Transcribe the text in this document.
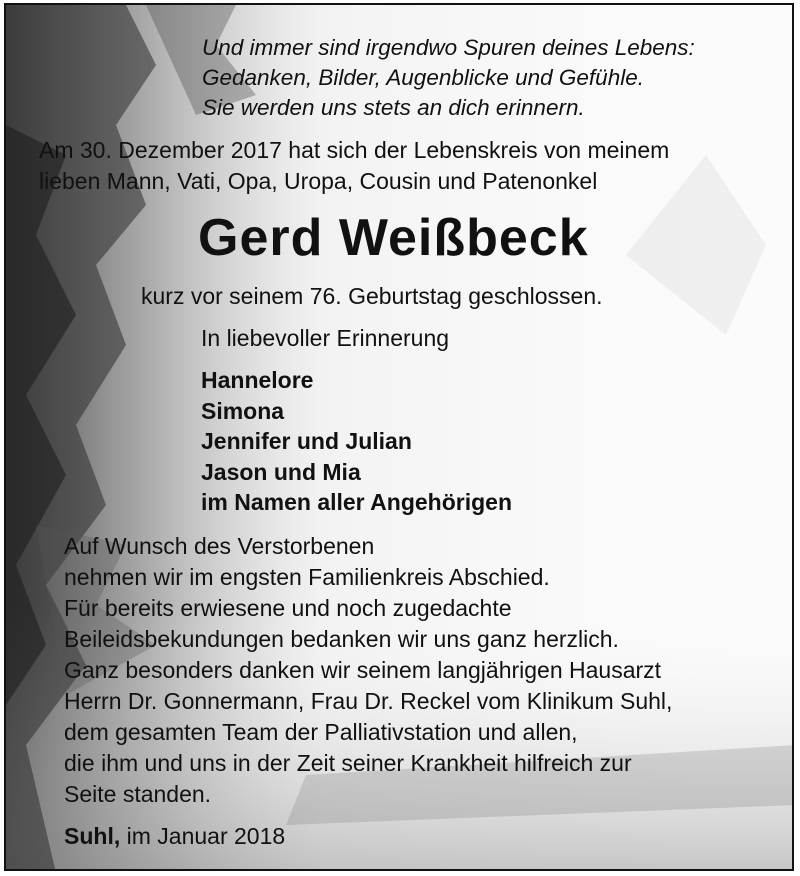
Und immer sind irgendwo Spuren deines Lebens:
Gedanken, Bilder, Augenblicke und Gefühle.
Sie werden uns stets an dich erinnern.
Am 30. Dezember 2017 hat sich der Lebenskreis von meinem
lieben Mann, Vati, Opa, Uropa, Cousin und Patenonkel
Gerd Weißbeck
kurz vor seinem 76. Geburtstag geschlossen.
In liebevoller Erinnerung
Hannelore
Simona
Jennifer und Julian
Jason und Mia
im Namen aller Angehörigen
Auf Wunsch des Verstorbenen
nehmen wir im engsten Familienkreis Abschied.
Für bereits erwiesene und noch zugedachte
Beileidsbekundungen bedanken wir uns ganz herzlich.
Ganz besonders danken wir seinem langjährigen Hausarzt
Herrn Dr. Gonnermann, Frau Dr. Reckel vom Klinikum Suhl,
dem gesamten Team der Palliativstation und allen,
die ihm und uns in der Zeit seiner Krankheit hilfreich zur
Seite standen.
Suhl, im Januar 2018
